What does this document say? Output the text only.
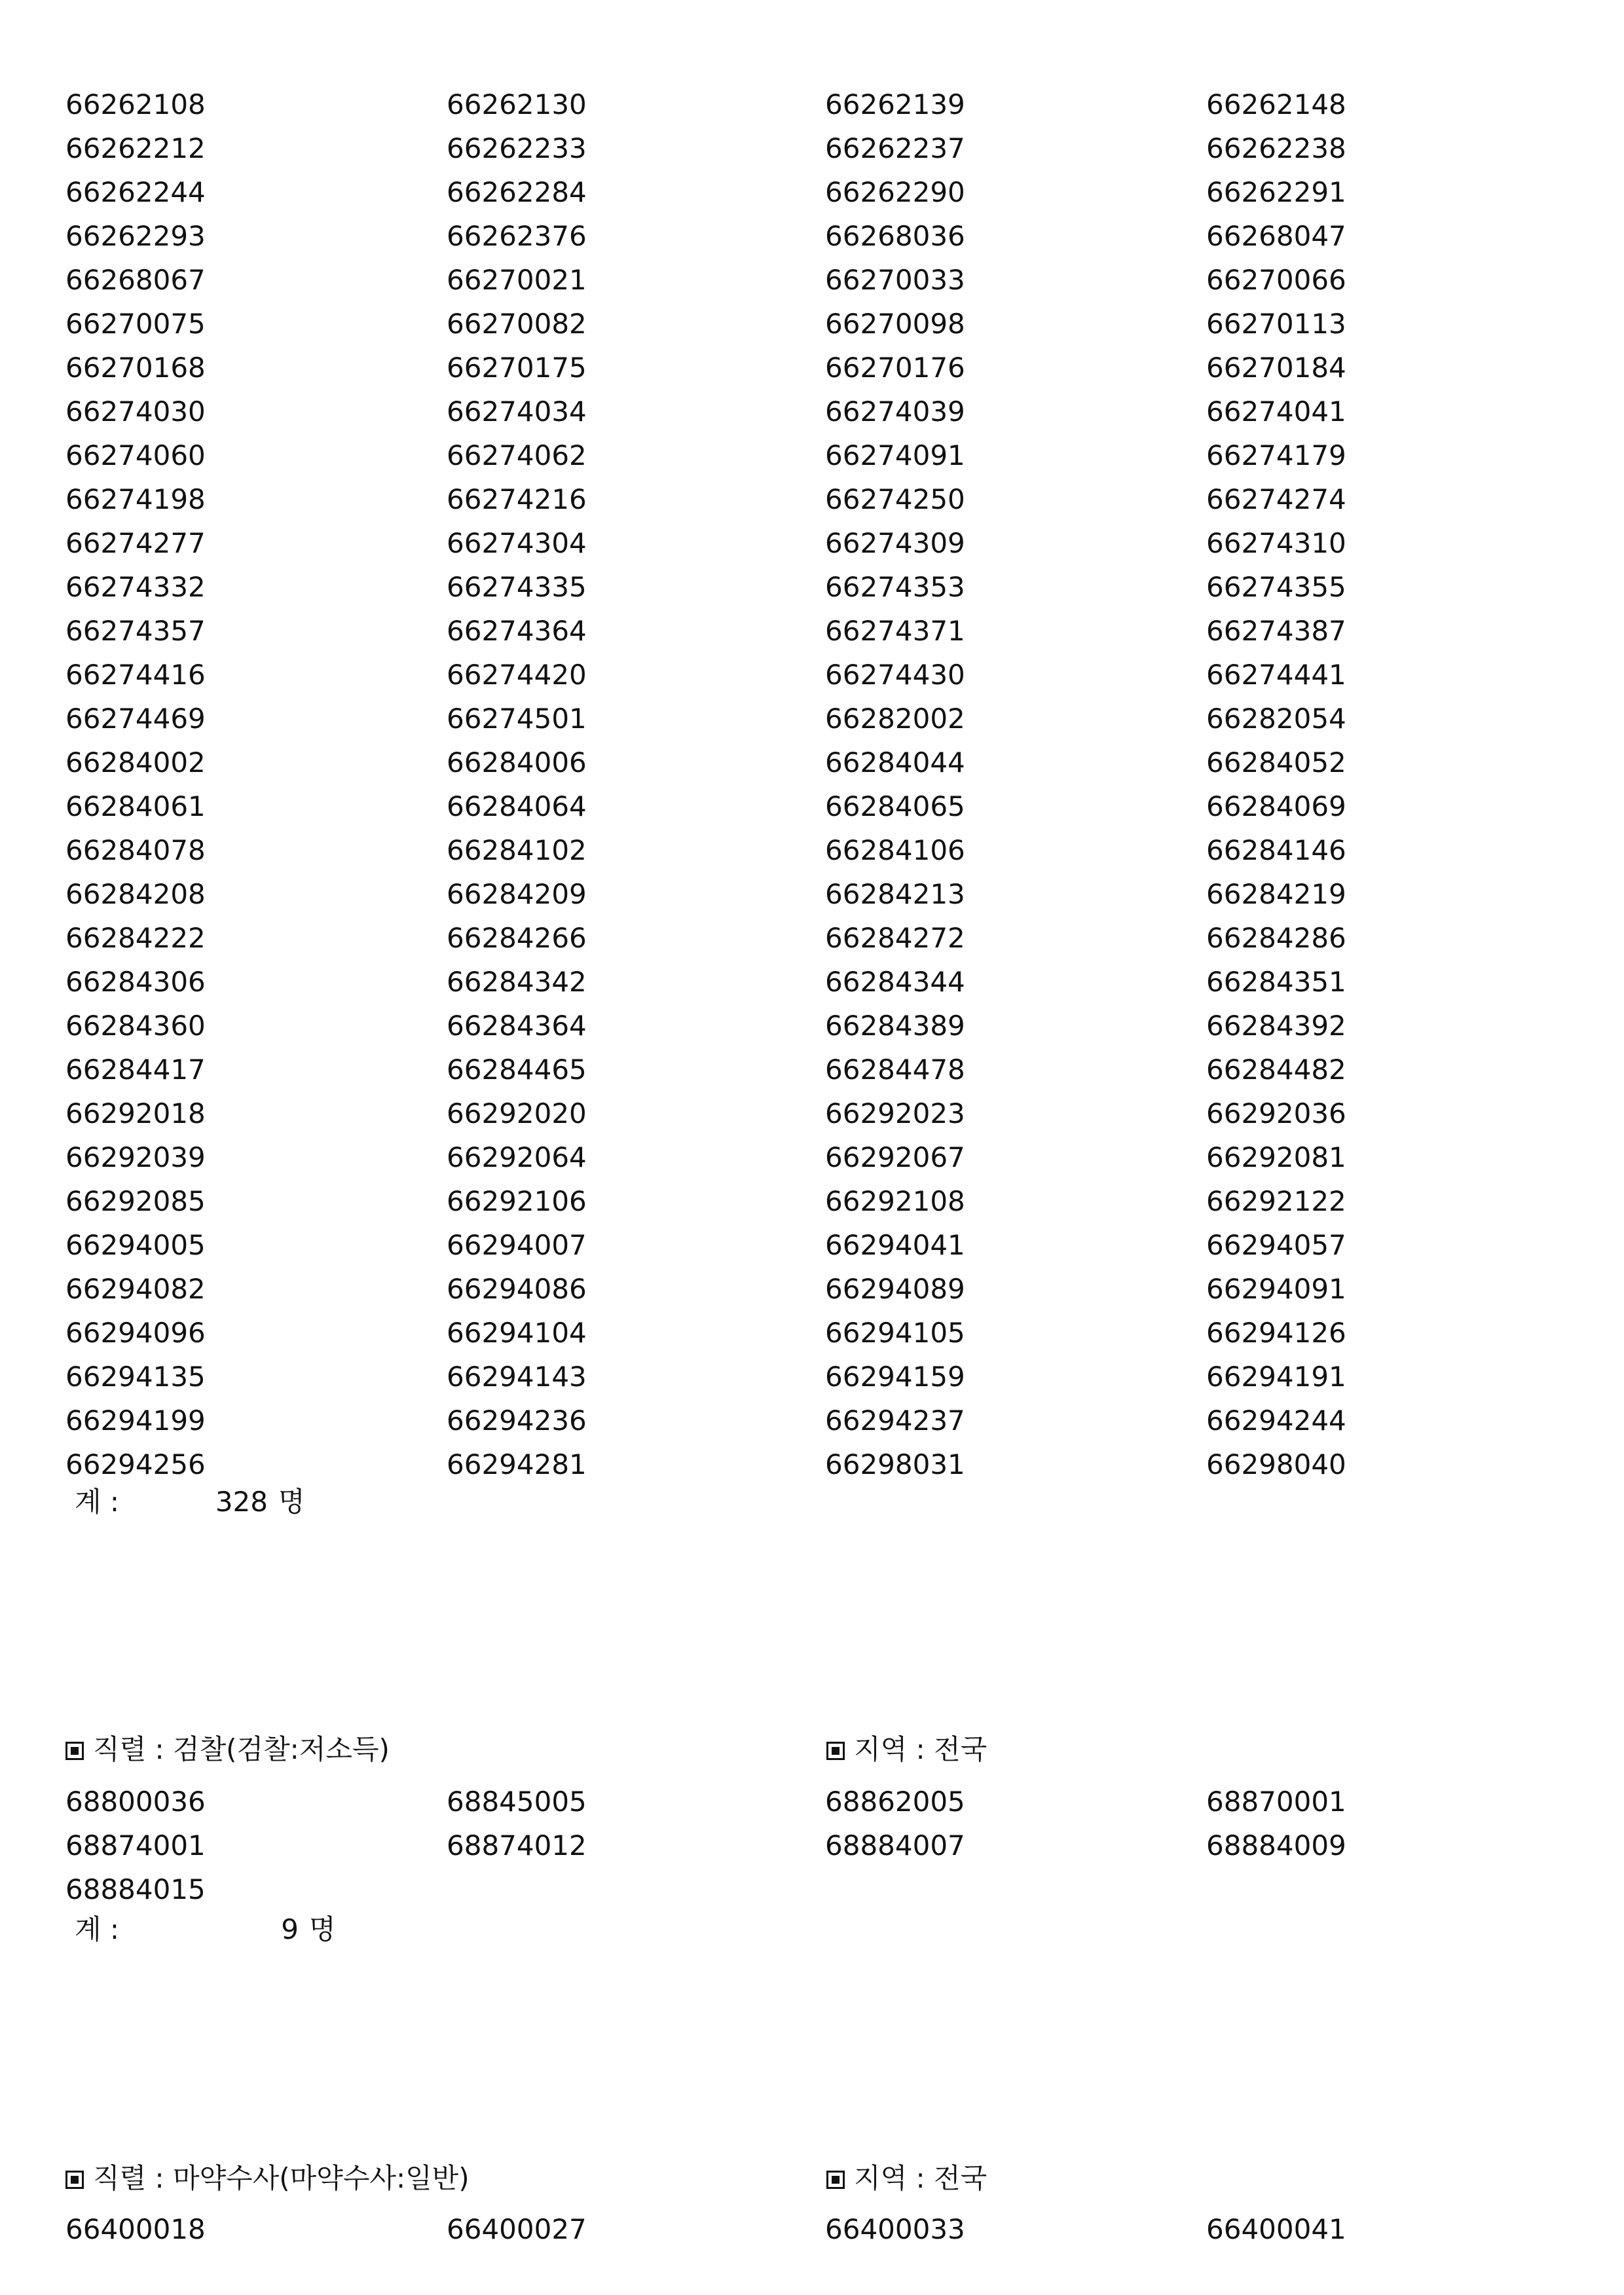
66262108	66262130	66262139	66262148
66262212	66262233	66262237	66262238
66262244	66262284	66262290	66262291
66262293	66262376	66268036	66268047
66268067	66270021	66270033	66270066
66270075	66270082	66270098	66270113
66270168	66270175	66270176	66270184
66274030	66274034	66274039	66274041
66274060	66274062	66274091	66274179
66274198	66274216	66274250	66274274
66274277	66274304	66274309	66274310
66274332	66274335	66274353	66274355
66274357	66274364	66274371	66274387
66274416	66274420	66274430	66274441
66274469	66274501	66282002	66282054
66284002	66284006	66284044	66284052
66284061	66284064	66284065	66284069
66284078	66284102	66284106	66284146
66284208	66284209	66284213	66284219
66284222	66284266	66284272	66284286
66284306	66284342	66284344	66284351
66284360	66284364	66284389	66284392
66284417	66284465	66284478	66284482
66292018	66292020	66292023	66292036
66292039	66292064	66292067	66292081
66292085	66292106	66292108	66292122
66294005	66294007	66294041	66294057
66294082	66294086	66294089	66294091
66294096	66294104	66294105	66294126
66294135	66294143	66294159	66294191
66294199	66294236	66294237	66294244
66294256	66294281	66298031	66298040
계 :	328 명
직렬 : 검찰(검찰:저소득)	지역 : 전국
68800036	68845005	68862005	68870001
68874001	68874012	68884007	68884009
68884015
계 :	9 명
직렬 : 마약수사(마약수사:일반)	지역 : 전국
66400018	66400027	66400033	66400041
